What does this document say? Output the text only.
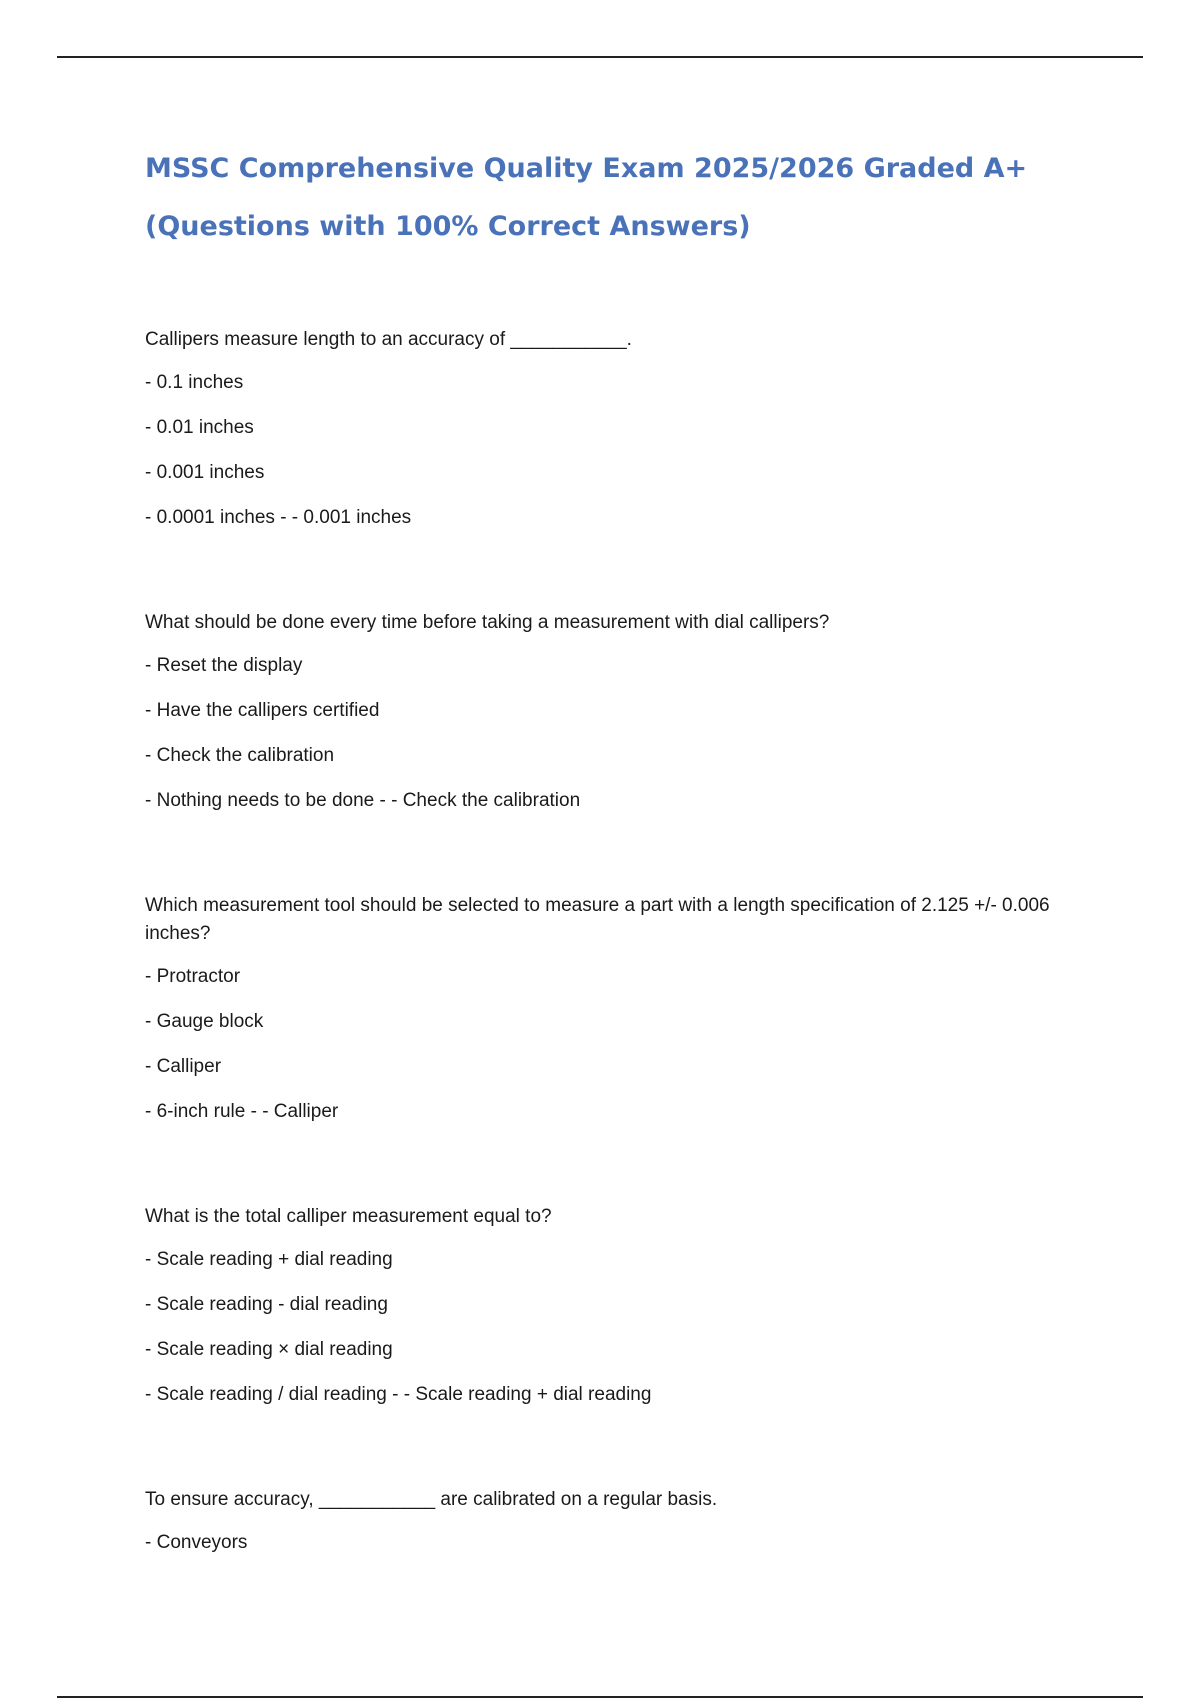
MSSC Comprehensive Quality Exam 2025/2026 Graded A+ (Questions with 100% Correct Answers)

Callipers measure length to an accuracy of ___________.

- 0.1 inches
- 0.01 inches
- 0.001 inches
- 0.0001 inches - - 0.001 inches

What should be done every time before taking a measurement with dial callipers?

- Reset the display
- Have the callipers certified
- Check the calibration
- Nothing needs to be done - - Check the calibration

Which measurement tool should be selected to measure a part with a length specification of 2.125 +/- 0.006 inches?

- Protractor
- Gauge block
- Calliper
- 6-inch rule - - Calliper

What is the total calliper measurement equal to?

- Scale reading + dial reading
- Scale reading - dial reading
- Scale reading × dial reading
- Scale reading / dial reading - - Scale reading + dial reading

To ensure accuracy, ___________ are calibrated on a regular basis.

- Conveyors
